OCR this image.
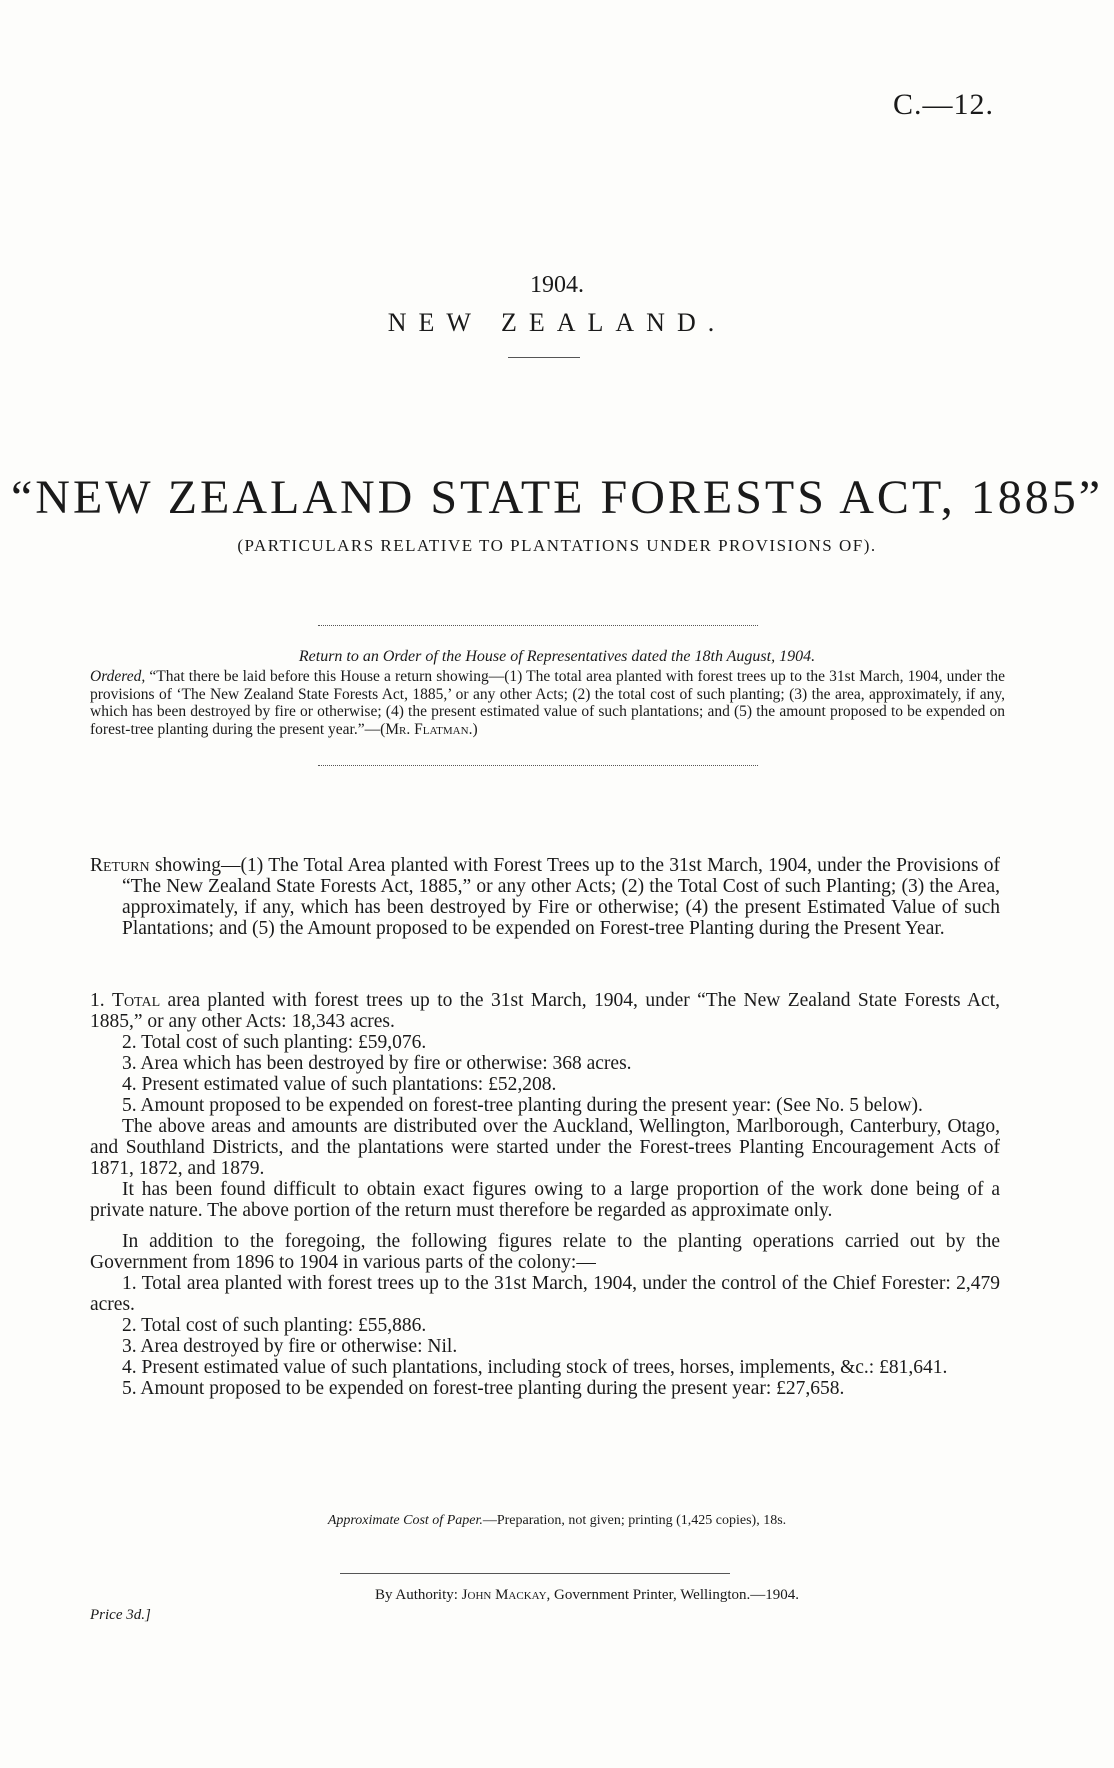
C.—12.
1904.
NEW ZEALAND.
“NEW ZEALAND STATE FORESTS ACT, 1885”
(PARTICULARS RELATIVE TO PLANTATIONS UNDER PROVISIONS OF).
Return to an Order of the House of Representatives dated the 18th August, 1904.
Ordered, “That there be laid before this House a return showing—(1) The total area planted with forest trees up to the 31st March, 1904, under the provisions of ‘The New Zealand State Forests Act, 1885,’ or any other Acts; (2) the total cost of such planting; (3) the area, approximately, if any, which has been destroyed by fire or otherwise; (4) the present estimated value of such plantations; and (5) the amount proposed to be expended on forest-tree planting during the present year.”—(Mr. Flatman.)

Return showing—(1) The Total Area planted with Forest Trees up to the 31st March, 1904, under the Provisions of “The New Zealand State Forests Act, 1885,” or any other Acts; (2) the Total Cost of such Planting; (3) the Area, approximately, if any, which has been destroyed by Fire or otherwise; (4) the present Estimated Value of such Plantations; and (5) the Amount proposed to be expended on Forest-tree Planting during the Present Year.

1. Total area planted with forest trees up to the 31st March, 1904, under “The New Zealand State Forests Act, 1885,” or any other Acts: 18,343 acres.

2. Total cost of such planting: £59,076.

3. Area which has been destroyed by fire or otherwise: 368 acres.

4. Present estimated value of such plantations: £52,208.

5. Amount proposed to be expended on forest-tree planting during the present year: (See No. 5 below).

The above areas and amounts are distributed over the Auckland, Wellington, Marlborough, Canterbury, Otago, and Southland Districts, and the plantations were started under the Forest-trees Planting Encouragement Acts of 1871, 1872, and 1879.

It has been found difficult to obtain exact figures owing to a large proportion of the work done being of a private nature. The above portion of the return must therefore be regarded as approximate only.

In addition to the foregoing, the following figures relate to the planting operations carried out by the Government from 1896 to 1904 in various parts of the colony:—

1. Total area planted with forest trees up to the 31st March, 1904, under the control of the Chief Forester: 2,479 acres.

2. Total cost of such planting: £55,886.

3. Area destroyed by fire or otherwise: Nil.

4. Present estimated value of such plantations, including stock of trees, horses, implements, &c.: £81,641.

5. Amount proposed to be expended on forest-tree planting during the present year: £27,658.

Approximate Cost of Paper.—Preparation, not given; printing (1,425 copies), 18s.
By Authority: John Mackay, Government Printer, Wellington.—1904.
Price 3d.]
